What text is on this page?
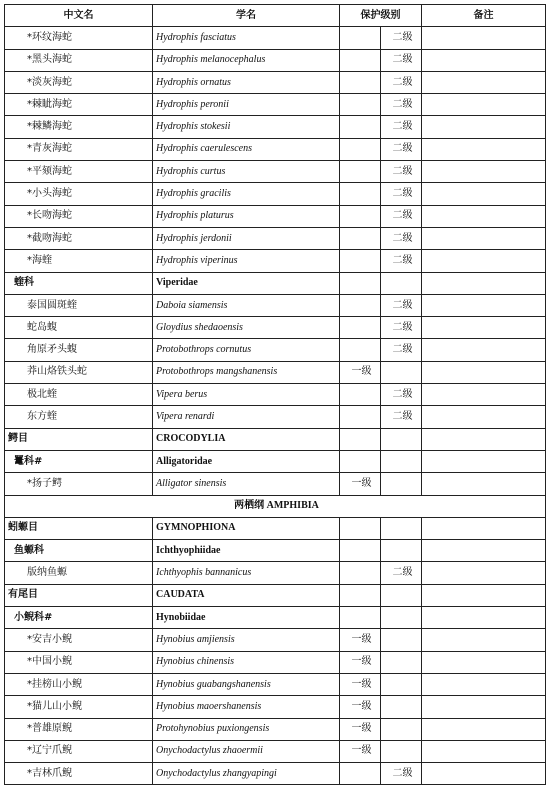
中文名	学名	保护级别		备注
*环纹海蛇	Hydrophis fasciatus		二级	
*黑头海蛇	Hydrophis melanocephalus		二级	
*淡灰海蛇	Hydrophis ornatus		二级	
*棘眦海蛇	Hydrophis peronii		二级	
*棘鳞海蛇	Hydrophis stokesii		二级	
*青灰海蛇	Hydrophis caerulescens		二级	
*平颏海蛇	Hydrophis curtus		二级	
*小头海蛇	Hydrophis gracilis		二级	
*长吻海蛇	Hydrophis platurus		二级	
*截吻海蛇	Hydrophis jerdonii		二级	
*海蝰	Hydrophis viperinus		二级	
蝰科	Viperidae			
泰国圆斑蝰	Daboia siamensis		二级	
蛇岛蝮	Gloydius shedaoensis		二级	
角原矛头蝮	Protobothrops cornutus		二级	
莽山烙铁头蛇	Protobothrops mangshanensis	一级		
极北蝰	Vipera berus		二级	
东方蝰	Vipera renardi		二级	
鳄目	CROCODYLIA			
鼍科#	Alligatoridae			
*扬子鳄	Alligator sinensis	一级		
两栖纲 AMPHIBIA				
蚓螈目	GYMNOPHIONA			
鱼螈科	Ichthyophiidae			
版纳鱼螈	Ichthyophis bannanicus		二级	
有尾目	CAUDATA			
小鲵科#	Hynobiidae			
*安吉小鲵	Hynobius amjiensis	一级		
*中国小鲵	Hynobius chinensis	一级		
*挂榜山小鲵	Hynobius guabangshanensis	一级		
*猫儿山小鲵	Hynobius maoershanensis	一级		
*普雄原鲵	Protohynobius puxiongensis	一级		
*辽宁爪鲵	Onychodactylus zhaoermii	一级		
*吉林爪鲵	Onychodactylus zhangyapingi		二级	
